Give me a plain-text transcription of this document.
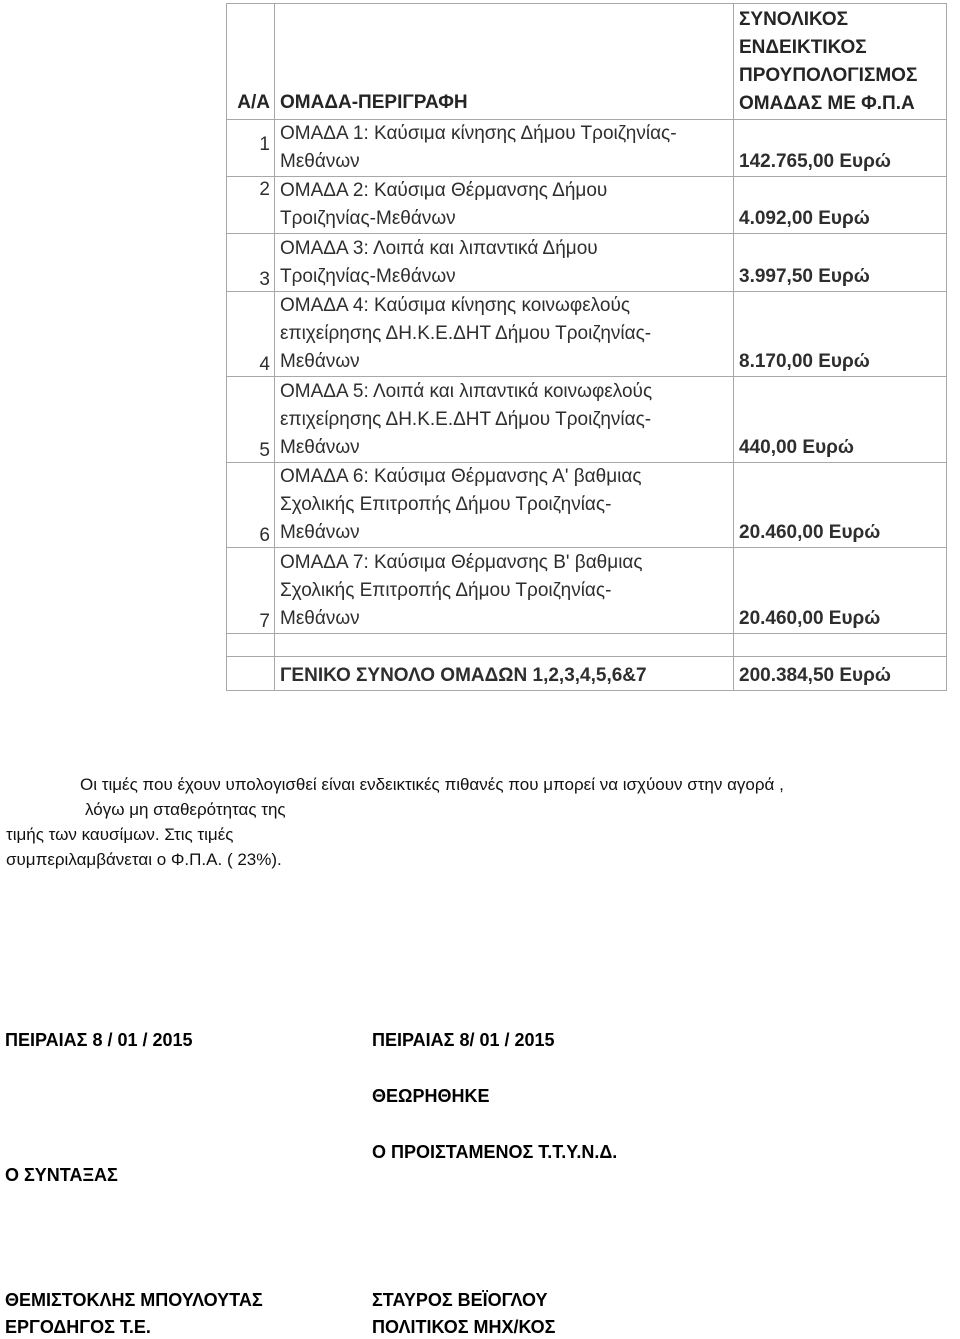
Α/Α	ΟΜΑΔΑ-ΠΕΡΙΓΡΑΦΗ	ΣΥΝΟΛΙΚΟΣ
ΕΝΔΕΙΚΤΙΚΟΣ
ΠΡΟΥΠΟΛΟΓΙΣΜΟΣ
ΟΜΑΔΑΣ ΜΕ Φ.Π.Α

1	ΟΜΑΔΑ 1: Καύσιμα κίνησης Δήμου Τροιζηνίας-
Μεθάνων	142.765,00 Ευρώ
2	ΟΜΑΔΑ 2: Καύσιμα Θέρμανσης Δήμου
Τροιζηνίας-Μεθάνων	4.092,00 Ευρώ
3	ΟΜΑΔΑ 3: Λοιπά και λιπαντικά Δήμου
Τροιζηνίας-Μεθάνων	3.997,50 Ευρώ
4	ΟΜΑΔΑ 4: Καύσιμα κίνησης κοινωφελούς
επιχείρησης ΔΗ.Κ.Ε.ΔΗΤ Δήμου Τροιζηνίας-
Μεθάνων	8.170,00 Ευρώ
5	ΟΜΑΔΑ 5: Λοιπά και λιπαντικά κοινωφελούς
επιχείρησης ΔΗ.Κ.Ε.ΔΗΤ Δήμου Τροιζηνίας-
Μεθάνων	440,00 Ευρώ
6	ΟΜΑΔΑ 6: Καύσιμα Θέρμανσης Α' βαθμιας
Σχολικής Επιτροπής Δήμου Τροιζηνίας-
Μεθάνων	20.460,00 Ευρώ
7	ΟΜΑΔΑ 7: Καύσιμα Θέρμανσης Β' βαθμιας
Σχολικής Επιτροπής Δήμου Τροιζηνίας-
Μεθάνων	20.460,00 Ευρώ

	ΓΕΝΙΚΟ ΣΥΝΟΛΟ ΟΜΑΔΩΝ 1,2,3,4,5,6&7	200.384,50 Ευρώ
Οι τιμές που έχουν υπολογισθεί είναι ενδεικτικές πιθανές που μπορεί να ισχύουν στην αγορά ,
λόγω μη σταθερότητας της
τιμής των καυσίμων. Στις τιμές
συμπεριλαμβάνεται ο Φ.Π.Α. ( 23%).
ΠΕΙΡΑΙΑΣ 8 / 01 / 2015	ΠΕΙΡΑΙΑΣ 8/ 01 / 2015
ΘΕΩΡΗΘΗΚΕ
Ο ΠΡΟΙΣΤΑΜΕΝΟΣ Τ.Τ.Υ.Ν.Δ.
Ο ΣΥΝΤΑΞΑΣ
ΘΕΜΙΣΤΟΚΛΗΣ ΜΠΟΥΛΟΥΤΑΣ
ΕΡΓΟΔΗΓΟΣ Τ.Ε.
ΣΤΑΥΡΟΣ ΒΕΪΟΓΛΟΥ
ΠΟΛΙΤΙΚΟΣ ΜΗΧ/ΚΟΣ
